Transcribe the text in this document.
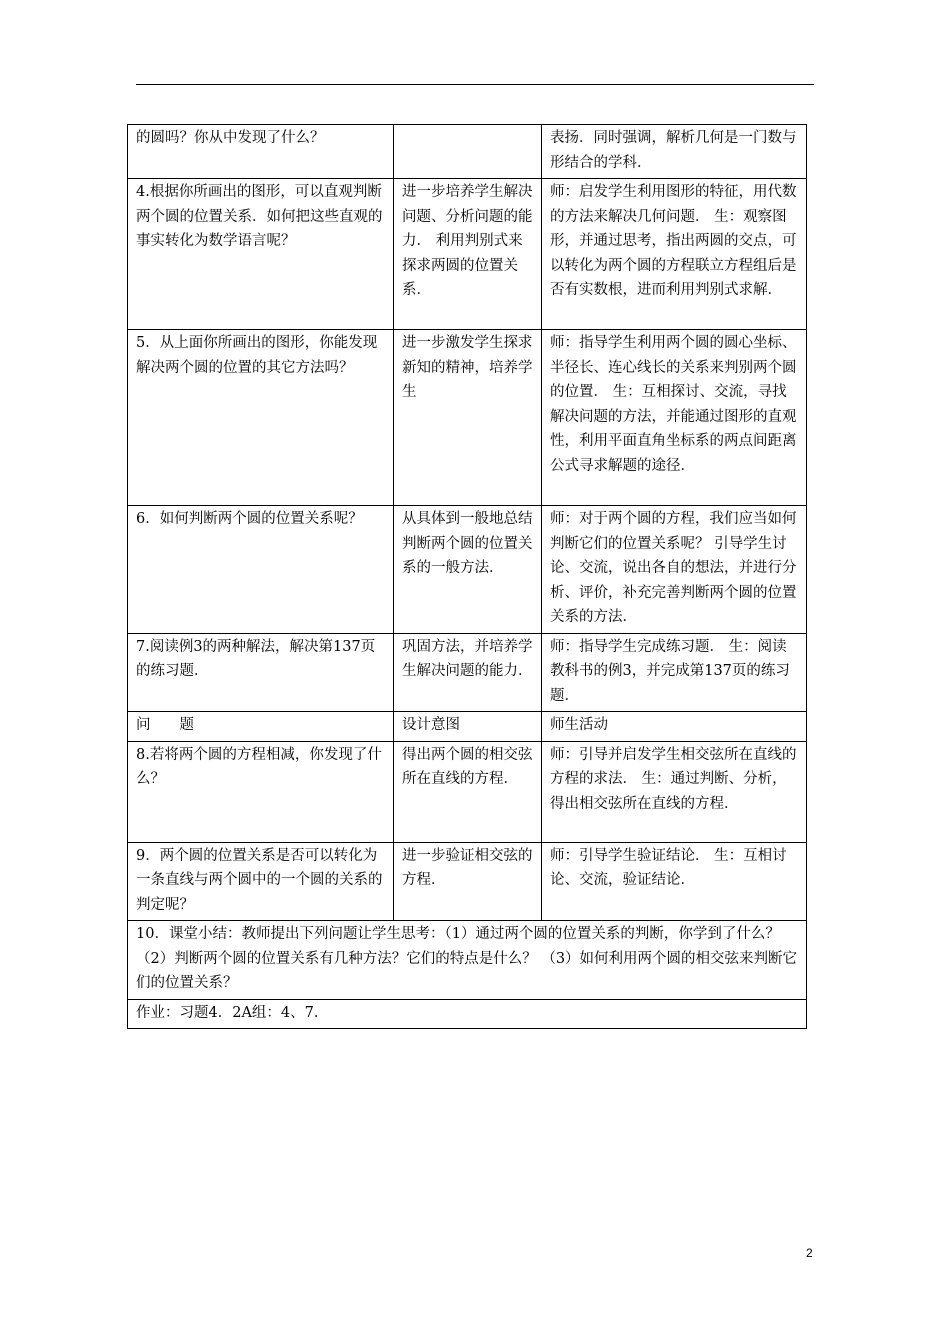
的圆吗？你从中发现了什么？		表扬．同时强调，解析几何是一门数与形结合的学科．
4.根据你所画出的图形，可以直观判断两个圆的位置关系．如何把这些直观的事实转化为数学语言呢？	进一步培养学生解决问题、分析问题的能力． 利用判别式来探求两圆的位置关系．	师：启发学生利用图形的特征，用代数的方法来解决几何问题． 生：观察图形，并通过思考，指出两圆的交点，可以转化为两个圆的方程联立方程组后是否有实数根，进而利用判别式求解．
5．从上面你所画出的图形，你能发现解决两个圆的位置的其它方法吗？	进一步激发学生探求新知的精神，培养学生	师：指导学生利用两个圆的圆心坐标、半径长、连心线长的关系来判别两个圆的位置． 生：互相探讨、交流，寻找解决问题的方法，并能通过图形的直观性，利用平面直角坐标系的两点间距离公式寻求解题的途径．
6．如何判断两个圆的位置关系呢？	从具体到一般地总结判断两个圆的位置关系的一般方法．	师：对于两个圆的方程，我们应当如何判断它们的位置关系呢？ 引导学生讨论、交流，说出各自的想法，并进行分析、评价，补充完善判断两个圆的位置关系的方法．
7.阅读例3的两种解法，解决第137页的练习题．	巩固方法，并培养学生解决问题的能力．	师：指导学生完成练习题． 生：阅读教科书的例3，并完成第137页的练习题．
问　　题	设计意图	师生活动
8.若将两个圆的方程相减，你发现了什么？	得出两个圆的相交弦所在直线的方程．	师：引导并启发学生相交弦所在直线的方程的求法． 生：通过判断、分析，得出相交弦所在直线的方程．
9．两个圆的位置关系是否可以转化为一条直线与两个圆中的一个圆的关系的判定呢？	进一步验证相交弦的方程．	师：引导学生验证结论． 生：互相讨论、交流，验证结论．
10．课堂小结：教师提出下列问题让学生思考：（1）通过两个圆的位置关系的判断，你学到了什么？ （2）判断两个圆的位置关系有几种方法？它们的特点是什么？ （3）如何利用两个圆的相交弦来判断它们的位置关系？		
作业：习题4．2A组：4、7．		
2
